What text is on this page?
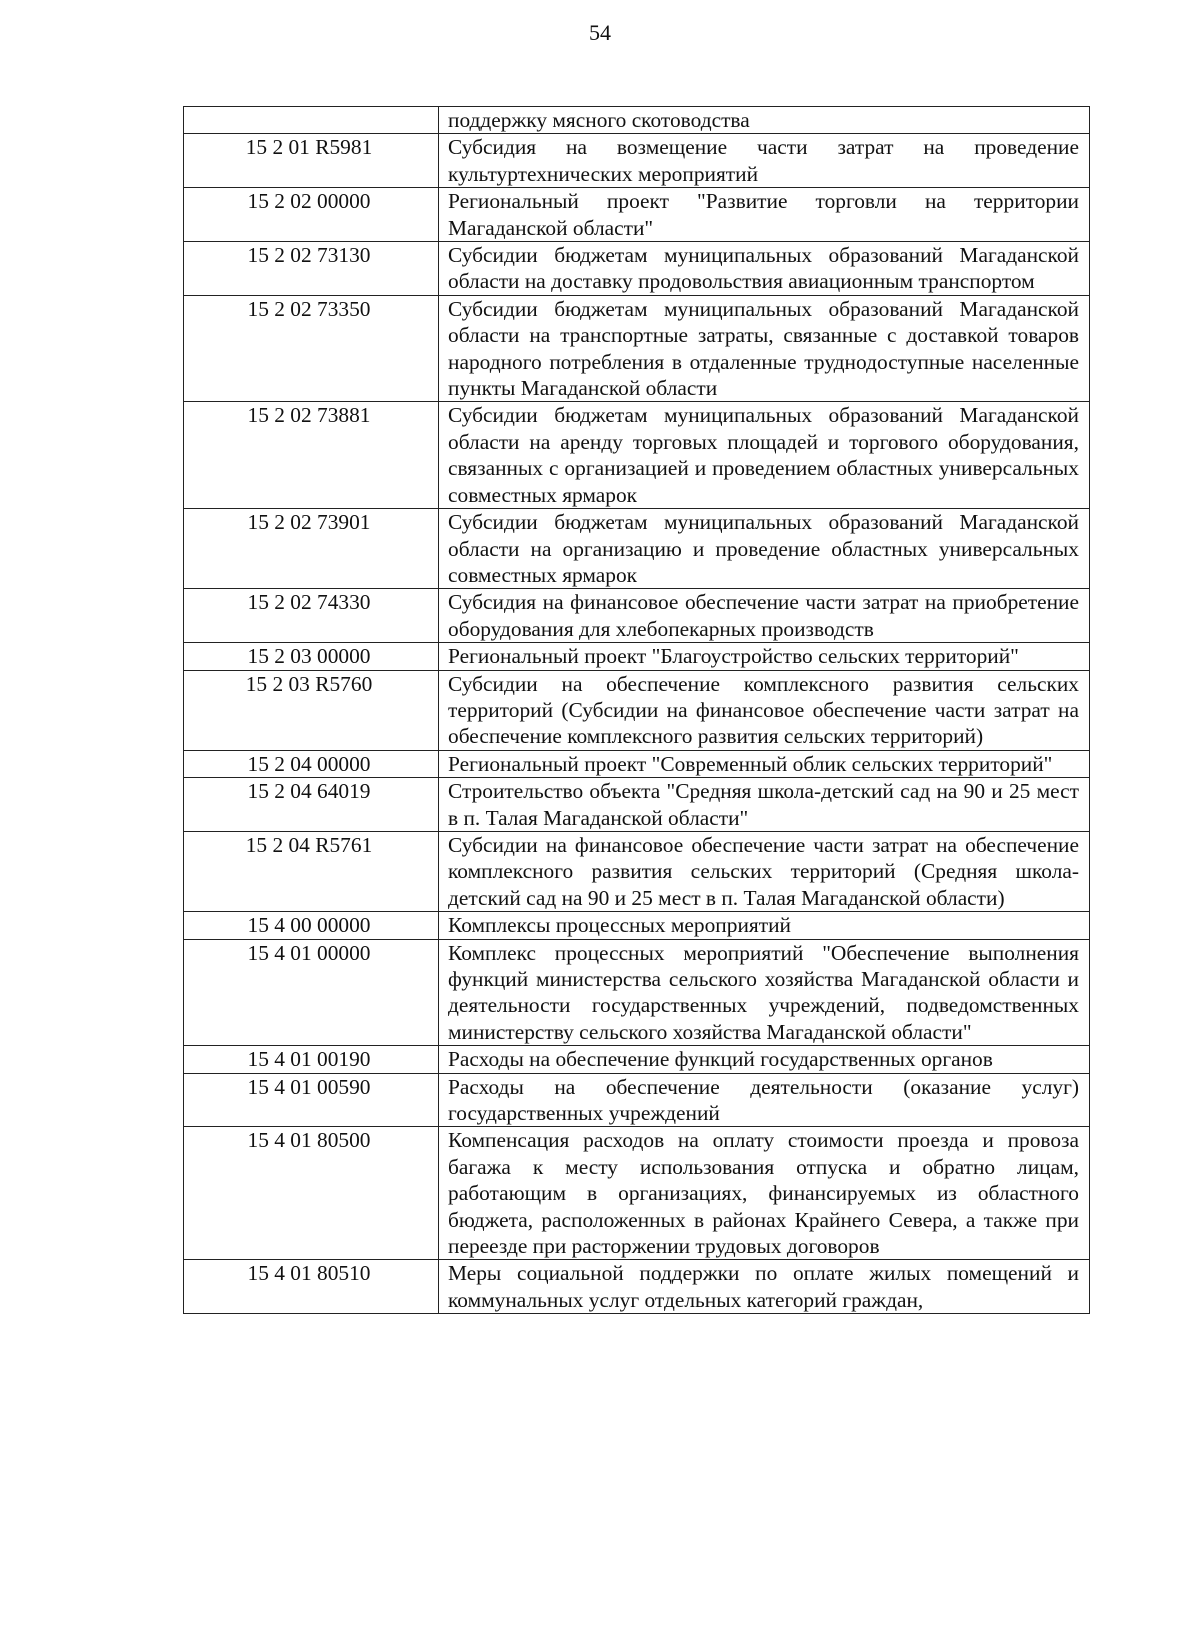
54
	поддержку мясного скотоводства
15 2 01 R5981	Субсидия на возмещение части затрат на проведение культуртехнических мероприятий
15 2 02 00000	Региональный проект "Развитие торговли на территории Магаданской области"
15 2 02 73130	Субсидии бюджетам муниципальных образований Магаданской области на доставку продовольствия авиационным транспортом
15 2 02 73350	Субсидии бюджетам муниципальных образований Магаданской области на транспортные затраты, связанные с доставкой товаров народного потребления в отдаленные труднодоступные населенные пункты Магаданской области
15 2 02 73881	Субсидии бюджетам муниципальных образований Магаданской области на аренду торговых площадей и торгового оборудования, связанных с организацией и проведением областных универсальных совместных ярмарок
15 2 02 73901	Субсидии бюджетам муниципальных образований Магаданской области на организацию и проведение областных универсальных совместных ярмарок
15 2 02 74330	Субсидия на финансовое обеспечение части затрат на приобретение оборудования для хлебопекарных производств
15 2 03 00000	Региональный проект "Благоустройство сельских территорий"
15 2 03 R5760	Субсидии на обеспечение комплексного развития сельских территорий (Субсидии на финансовое обеспечение части затрат на обеспечение комплексного развития сельских территорий)
15 2 04 00000	Региональный проект "Современный облик сельских территорий"
15 2 04 64019	Строительство объекта "Средняя школа-детский сад на 90 и 25 мест в п. Талая Магаданской области"
15 2 04 R5761	Субсидии на финансовое обеспечение части затрат на обеспечение комплексного развития сельских территорий (Средняя школа-детский сад на 90 и 25 мест в п. Талая Магаданской области)
15 4 00 00000	Комплексы процессных мероприятий
15 4 01 00000	Комплекс процессных мероприятий "Обеспечение выполнения функций министерства сельского хозяйства Магаданской области и деятельности государственных учреждений, подведомственных министерству сельского хозяйства Магаданской области"
15 4 01 00190	Расходы на обеспечение функций государственных органов
15 4 01 00590	Расходы на обеспечение деятельности (оказание услуг) государственных учреждений
15 4 01 80500	Компенсация расходов на оплату стоимости проезда и провоза багажа к месту использования отпуска и обратно лицам, работающим в организациях, финансируемых из областного бюджета, расположенных в районах Крайнего Севера, а также при переезде при расторжении трудовых договоров
15 4 01 80510	Меры социальной поддержки по оплате жилых помещений и коммунальных услуг отдельных категорий граждан,
